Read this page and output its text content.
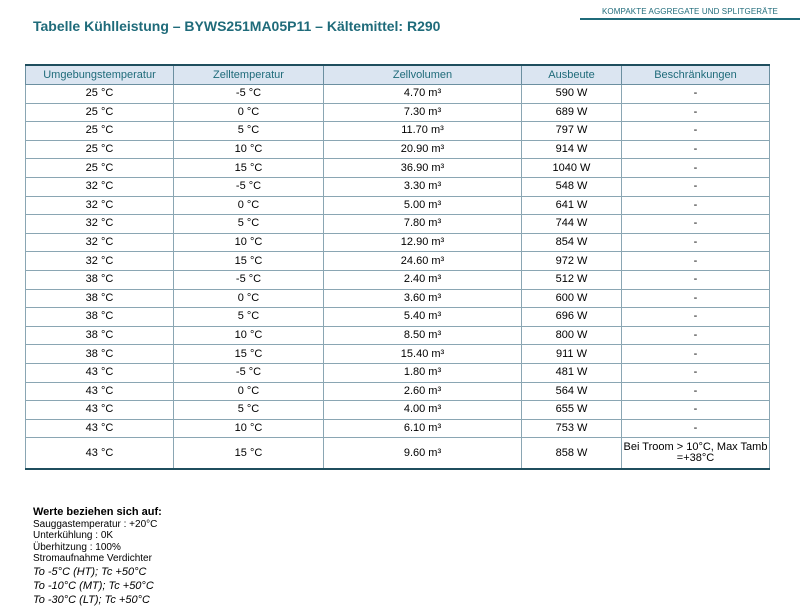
KOMPAKTE AGGREGATE UND SPLITGERÄTE
Tabelle Kühlleistung – BYWS251MA05P11 – Kältemittel: R290
Umgebungstemperatur	Zelltemperatur	Zellvolumen	Ausbeute	Beschränkungen
25 °C	-5 °C	4.70 m³	590 W	-
25 °C	0 °C	7.30 m³	689 W	-
25 °C	5 °C	11.70 m³	797 W	-
25 °C	10 °C	20.90 m³	914 W	-
25 °C	15 °C	36.90 m³	1040 W	-
32 °C	-5 °C	3.30 m³	548 W	-
32 °C	0 °C	5.00 m³	641 W	-
32 °C	5 °C	7.80 m³	744 W	-
32 °C	10 °C	12.90 m³	854 W	-
32 °C	15 °C	24.60 m³	972 W	-
38 °C	-5 °C	2.40 m³	512 W	-
38 °C	0 °C	3.60 m³	600 W	-
38 °C	5 °C	5.40 m³	696 W	-
38 °C	10 °C	8.50 m³	800 W	-
38 °C	15 °C	15.40 m³	911 W	-
43 °C	-5 °C	1.80 m³	481 W	-
43 °C	0 °C	2.60 m³	564 W	-
43 °C	5 °C	4.00 m³	655 W	-
43 °C	10 °C	6.10 m³	753 W	-
43 °C	15 °C	9.60 m³	858 W	Bei Troom > 10°C, Max Tamb =+38°C
Werte beziehen sich auf:
Sauggastemperatur : +20°C
Unterkühlung : 0K
Überhitzung : 100%
Stromaufnahme Verdichter
To -5°C (HT); Tc +50°C
To -10°C (MT); Tc +50°C
To -30°C (LT); Tc +50°C
